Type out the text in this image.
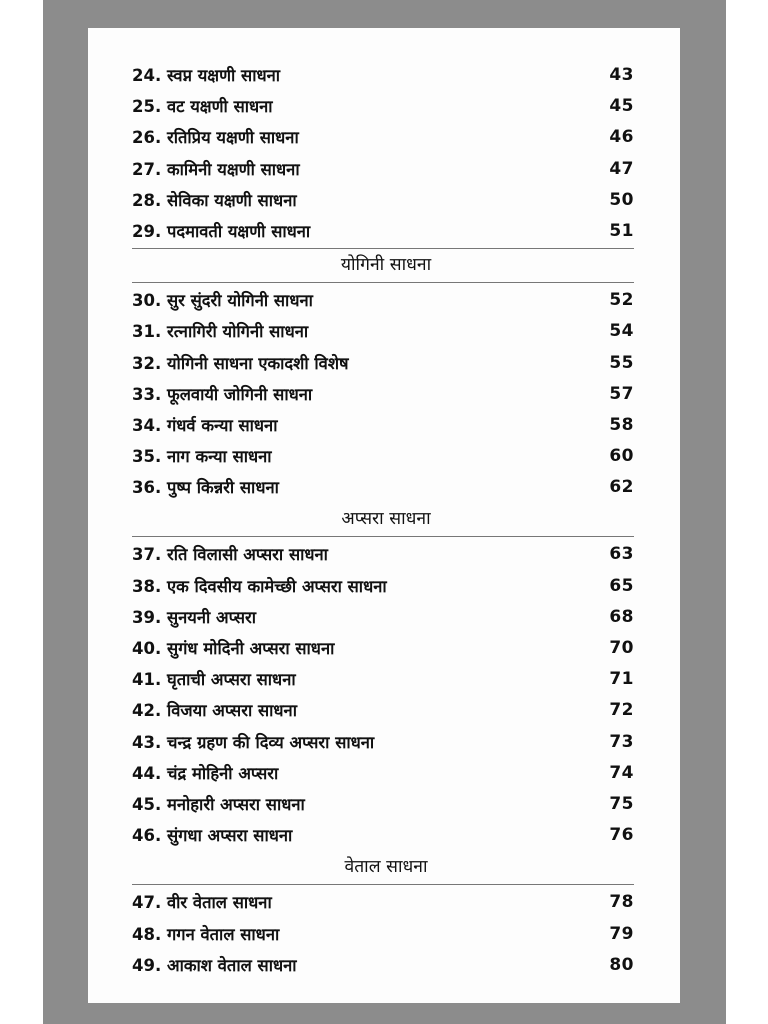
24. स्वप्न यक्षणी साधना	43
25. वट यक्षणी साधना	45
26. रतिप्रिय यक्षणी साधना	46
27. कामिनी यक्षणी साधना	47
28. सेविका यक्षणी साधना	50
29. पदमावती यक्षणी साधना	51
योगिनी साधना
30. सुर सुंदरी योगिनी साधना	52
31. रत्नागिरी योगिनी साधना	54
32. योगिनी साधना एकादशी विशेष	55
33. फूलवायी जोगिनी साधना	57
34. गंधर्व कन्या साधना	58
35. नाग कन्या साधना	60
36. पुष्प किन्नरी साधना	62
अप्सरा साधना
37. रति विलासी अप्सरा साधना	63
38. एक दिवसीय कामेच्छी अप्सरा साधना	65
39. सुनयनी अप्सरा	68
40. सुगंध मोदिनी अप्सरा साधना	70
41. घृताची अप्सरा साधना	71
42. विजया अप्सरा साधना	72
43. चन्द्र ग्रहण की दिव्य अप्सरा साधना	73
44. चंद्र मोहिनी अप्सरा	74
45. मनोहारी अप्सरा साधना	75
46. सुंगधा अप्सरा साधना	76
वेताल साधना
47. वीर वेताल साधना	78
48. गगन वेताल साधना	79
49. आकाश वेताल साधना	80
